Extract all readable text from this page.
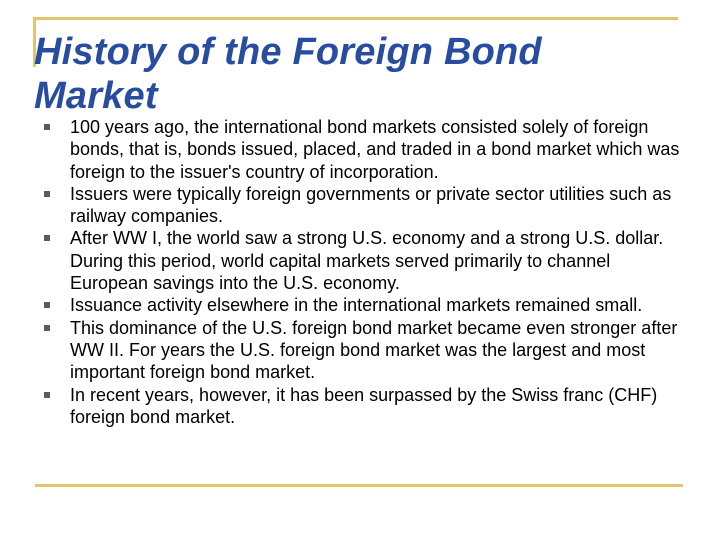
History of the Foreign Bond Market
100 years ago, the international bond markets consisted solely of foreign bonds, that is, bonds issued, placed, and traded in a bond market which was foreign to the issuer's country of incorporation.
Issuers were typically foreign governments or private sector utilities such as railway companies.
After WW I, the world saw a strong U.S. economy and a strong U.S. dollar. During this period, world capital markets served primarily to channel European savings into the U.S. economy.
Issuance activity elsewhere in the international markets remained small.
This dominance of the U.S. foreign bond market became even stronger after WW II. For years the U.S. foreign bond market was the largest and most important foreign bond market.
In recent years, however, it has been surpassed by the Swiss franc (CHF) foreign bond market.
